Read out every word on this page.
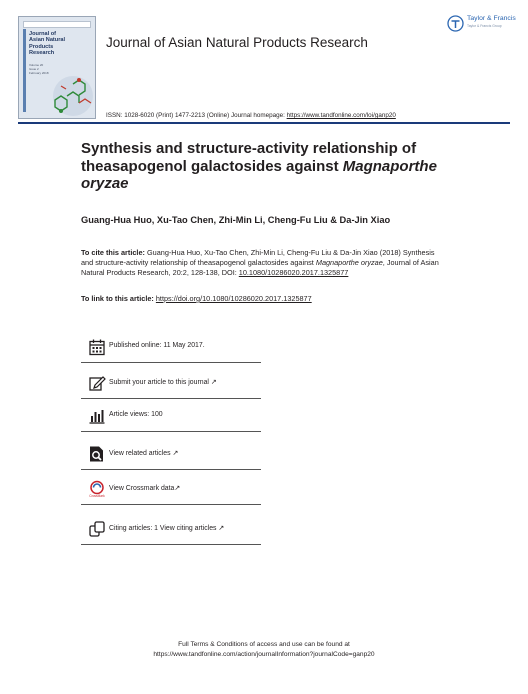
Journal of
Asian Natural
Products
Research
Volume 20
Issue 2
February 2018
Journal of Asian Natural Products Research
Taylor & Francis
Taylor & Francis Group
ISSN: 1028-6020 (Print) 1477-2213 (Online) Journal homepage: https://www.tandfonline.com/loi/ganp20
Synthesis and structure-activity relationship of theasapogenol galactosides against Magnaporthe oryzae
Guang-Hua Huo, Xu-Tao Chen, Zhi-Min Li, Cheng-Fu Liu & Da-Jin Xiao
To cite this article: Guang-Hua Huo, Xu-Tao Chen, Zhi-Min Li, Cheng-Fu Liu & Da-Jin Xiao (2018) Synthesis and structure-activity relationship of theasapogenol galactosides against Magnaporthe oryzae, Journal of Asian Natural Products Research, 20:2, 128-138, DOI: 10.1080/10286020.2017.1325877
To link to this article: https://doi.org/10.1080/10286020.2017.1325877
Published online: 11 May 2017.
Submit your article to this journal ↗︎
Article views: 100
View related articles ↗︎
CrossMark
View Crossmark data↗︎
Citing articles: 1 View citing articles ↗︎
Full Terms & Conditions of access and use can be found at
https://www.tandfonline.com/action/journalInformation?journalCode=ganp20
